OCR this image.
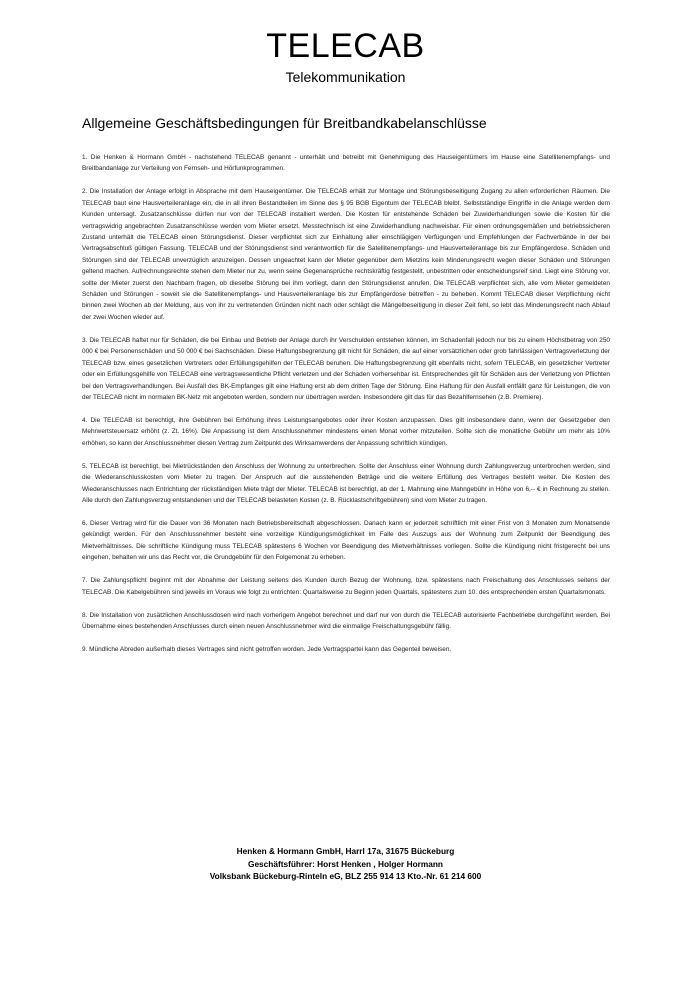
TELECAB
Telekommunikation
Allgemeine Geschäftsbedingungen für Breitbandkabelanschlüsse

1. Die Henken & Hormann GmbH - nachstehend TELECAB genannt - unterhält und betreibt mit Genehmigung des Hauseigentümers im Hause eine Satellitenempfangs- und Breitbandanlage zur Verteilung von Fernseh- und Hörfunkprogrammen.

2. Die Installation der Anlage erfolgt in Absprache mit dem Hauseigentümer. Die TELECAB erhält zur Montage und Störungsbeseitigung Zugang zu allen erforderlichen Räumen. Die TELECAB baut eine Hausverteileranlage ein, die in all ihren Bestandteilen im Sinne des § 95 BGB Eigentum der TELECAB bleibt. Selbstständige Eingriffe in die Anlage werden dem Kunden untersagt. Zusatzanschlüsse dürfen nur von der TELECAB installiert werden. Die Kosten für entstehende Schäden bei Zuwiderhandlungen sowie die Kosten für die vertragswidrig angebrachten Zusatzanschlüsse werden vom Mieter ersetzt. Messtechnisch ist eine Zuwiderhandlung nachweisbar. Für einen ordnungsgemäßen und betriebssicheren Zustand unterhält die TELECAB einen Störungsdienst. Dieser verpflichtet sich zur Einhaltung aller einschlägigen Verfügungen und Empfehlungen der Fachverbände in der bei Vertragsabschluß gültigen Fassung. TELECAB und der Störungsdienst sind verantwortlich für die Satellitenempfangs- und Hausverteileranlage bis zur Empfängerdose. Schäden und Störungen sind der TELECAB unverzüglich anzuzeigen. Dessen ungeachtet kann der Mieter gegenüber dem Mietzins kein Minderungsrecht wegen dieser Schäden und Störungen geltend machen. Aufrechnungsrechte stehen dem Mieter nur zu, wenn seine Gegenansprüche rechtskräftig festgestellt, unbestritten oder entscheidungsreif sind. Liegt eine Störung vor, sollte der Mieter zuerst den Nachbarn fragen, ob dieselbe Störung bei ihm vorliegt, dann den Störungsdienst anrufen. Die TELECAB verpflichtet sich, alle vom Mieter gemeldeten Schäden und Störungen - soweit sie die Satellitenempfangs- und Hausverteileranlage bis zur Empfängerdose betreffen - zu beheben. Kommt TELECAB dieser Verpflichtung nicht binnen zwei Wochen ab der Meldung, aus von ihr zu vertretenden Gründen nicht nach oder schlägt die Mängelbeseitigung in dieser Zeit fehl, so lebt das Minderungsrecht nach Ablauf der zwei Wochen wieder auf.

3. Die TELECAB haftet nur für Schäden, die bei Einbau und Betrieb der Anlage durch ihr Verschulden entstehen können, im Schadenfall jedoch nur bis zu einem Höchstbetrag von 250 000 € bei Personenschäden und 50 000 € bei Sachschäden. Diese Haftungsbegrenzung gilt nicht für Schäden, die auf einer vorsätzlichen oder grob fahrlässigen Vertragsverletzung der TELECAB bzw. eines gesetzlichen Vertreters oder Erfüllungsgehilfen der TELECAB beruhen. Die Haftungsbegrenzung gilt ebenfalls nicht, sofern TELECAB, ein gesetzlicher Vertreter oder ein Erfüllungsgehilfe von TELECAB eine vertragswesentliche Pflicht verletzen und der Schaden vorhersehbar ist. Entsprechendes gilt für Schäden aus der Verletzung von Pflichten bei den Vertragsverhandlungen. Bei Ausfall des BK-Empfanges gilt eine Haftung erst ab dem dritten Tage der Störung. Eine Haftung für den Ausfall entfällt ganz für Leistungen, die von der TELECAB nicht im normalen BK-Netz mit angeboten werden, sondern nur übertragen werden. Insbesondere gilt das für das Bezahlfernsehen (z.B. Premiere).

4. Die TELECAB ist berechtigt, ihre Gebühren bei Erhöhung ihres Leistungsangebotes oder ihrer Kosten anzupassen. Dies gilt insbesondere dann, wenn der Gesetzgeber den Mehrwertsteuersatz erhöht (z. Zt. 16%). Die Anpassung ist dem Anschlussnehmer mindestens einen Monat vorher mitzuteilen. Sollte sich die monatliche Gebühr um mehr als 10% erhöhen, so kann der Anschlussnehmer diesen Vertrag zum Zeitpunkt des Wirksamwerdens der Anpassung schriftlich kündigen.

5. TELECAB ist berechtigt, bei Mietrückständen den Anschluss der Wohnung zu unterbrechen. Sollte der Anschluss einer Wohnung durch Zahlungsverzug unterbrochen werden, sind die Wiederanschlusskosten vom Mieter zu tragen. Der Anspruch auf die ausstehenden Beträge und die weitere Erfüllung des Vertrages besteht weiter. Die Kosten des Wiederanschlusses nach Entrichtung der rückständigen Miete trägt der Mieter. TELECAB ist berechtigt, ab der 1. Mahnung eine Mahngebühr in Höhe von 6,-- € in Rechnung zu stellen. Alle durch den Zahlungsverzug entstandenen und der TELECAB belasteten Kosten (z. B. Rücklastschriftgebühren) sind vom Mieter zu tragen.

6. Dieser Vertrag wird für die Dauer von 36 Monaten nach Betriebsbereitschaft abgeschlossen. Danach kann er jederzeit schriftlich mit einer Frist von 3 Monaten zum Monatsende gekündigt werden. Für den Anschlussnehmer besteht eine vorzeitige Kündigungsmöglichkeit im Falle des Auszugs aus der Wohnung zum Zeitpunkt der Beendigung des Mietverhältnisses. Die schriftliche Kündigung muss TELECAB spätestens 6 Wochen vor Beendigung des Mietverhältnisses vorliegen. Sollte die Kündigung nicht fristgerecht bei uns eingehen, behalten wir uns das Recht vor, die Grundgebühr für den Folgemonat zu erheben.

7. Die Zahlungspflicht beginnt mit der Abnahme der Leistung seitens des Kunden durch Bezug der Wohnung, bzw. spätestens nach Freischaltung des Anschlusses seitens der TELECAB. Die Kabelgebühren sind jeweils im Voraus wie folgt zu entrichten: Quartalsweise zu Beginn jeden Quartals, spätestens zum 10. des entsprechenden ersten Quartalsmonats.

8. Die Installation von zusätzlichen Anschlussdosen wird nach vorherigem Angebot berechnet und darf nur von durch die TELECAB autorisierte Fachbetriebe durchgeführt werden. Bei Übernahme eines bestehenden Anschlusses durch einen neuen Anschlussnehmer wird die einmalige Freischaltungsgebühr fällig.

9. Mündliche Abreden außerhalb dieses Vertrages sind nicht getroffen worden. Jede Vertragspartei kann das Gegenteil beweisen.

Henken & Hormann GmbH, Harrl 17a, 31675 Bückeburg
Geschäftsführer: Horst Henken , Holger Hormann
Volksbank Bückeburg-Rinteln eG, BLZ 255 914 13 Kto.-Nr. 61 214 600
